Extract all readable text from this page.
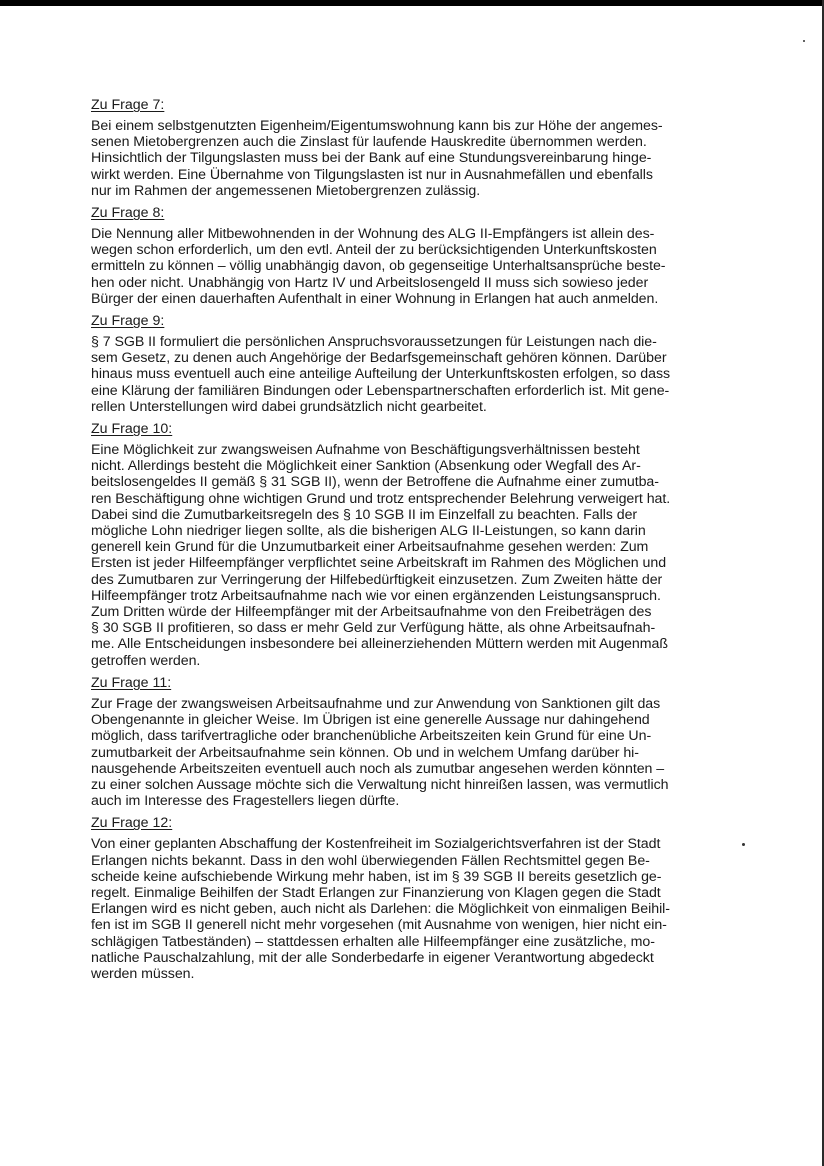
Zu Frage 7:

Bei einem selbstgenutzten Eigenheim/Eigentumswohnung kann bis zur Höhe der angemes-
senen Mietobergrenzen auch die Zinslast für laufende Hauskredite übernommen werden.
Hinsichtlich der Tilgungslasten muss bei der Bank auf eine Stundungsvereinbarung hinge-
wirkt werden. Eine Übernahme von Tilgungslasten ist nur in Ausnahmefällen und ebenfalls
nur im Rahmen der angemessenen Mietobergrenzen zulässig.

Zu Frage 8:

Die Nennung aller Mitbewohnenden in der Wohnung des ALG II-Empfängers ist allein des-
wegen schon erforderlich, um den evtl. Anteil der zu berücksichtigenden Unterkunftskosten
ermitteln zu können – völlig unabhängig davon, ob gegenseitige Unterhaltsansprüche beste-
hen oder nicht. Unabhängig von Hartz IV und Arbeitslosengeld II muss sich sowieso jeder
Bürger der einen dauerhaften Aufenthalt in einer Wohnung in Erlangen hat auch anmelden.

Zu Frage 9:

§ 7 SGB II formuliert die persönlichen Anspruchsvoraussetzungen für Leistungen nach die-
sem Gesetz, zu denen auch Angehörige der Bedarfsgemeinschaft gehören können. Darüber
hinaus muss eventuell auch eine anteilige Aufteilung der Unterkunftskosten erfolgen, so dass
eine Klärung der familiären Bindungen oder Lebenspartnerschaften erforderlich ist. Mit gene-
rellen Unterstellungen wird dabei grundsätzlich nicht gearbeitet.

Zu Frage 10:

Eine Möglichkeit zur zwangsweisen Aufnahme von Beschäftigungsverhältnissen besteht
nicht. Allerdings besteht die Möglichkeit einer Sanktion (Absenkung oder Wegfall des Ar-
beitslosengeldes II gemäß § 31 SGB II), wenn der Betroffene die Aufnahme einer zumutba-
ren Beschäftigung ohne wichtigen Grund und trotz entsprechender Belehrung verweigert hat.
Dabei sind die Zumutbarkeitsregeln des § 10 SGB II im Einzelfall zu beachten. Falls der
mögliche Lohn niedriger liegen sollte, als die bisherigen ALG II-Leistungen, so kann darin
generell kein Grund für die Unzumutbarkeit einer Arbeitsaufnahme gesehen werden: Zum
Ersten ist jeder Hilfeempfänger verpflichtet seine Arbeitskraft im Rahmen des Möglichen und
des Zumutbaren zur Verringerung der Hilfebedürftigkeit einzusetzen. Zum Zweiten hätte der
Hilfeempfänger trotz Arbeitsaufnahme nach wie vor einen ergänzenden Leistungsanspruch.
Zum Dritten würde der Hilfeempfänger mit der Arbeitsaufnahme von den Freibeträgen des
§ 30 SGB II profitieren, so dass er mehr Geld zur Verfügung hätte, als ohne Arbeitsaufnah-
me. Alle Entscheidungen insbesondere bei alleinerziehenden Müttern werden mit Augenmaß
getroffen werden.

Zu Frage 11:

Zur Frage der zwangsweisen Arbeitsaufnahme und zur Anwendung von Sanktionen gilt das
Obengenannte in gleicher Weise. Im Übrigen ist eine generelle Aussage nur dahingehend
möglich, dass tarifvertragliche oder branchenübliche Arbeitszeiten kein Grund für eine Un-
zumutbarkeit der Arbeitsaufnahme sein können. Ob und in welchem Umfang darüber hi-
nausgehende Arbeitszeiten eventuell auch noch als zumutbar angesehen werden könnten –
zu einer solchen Aussage möchte sich die Verwaltung nicht hinreißen lassen, was vermutlich
auch im Interesse des Fragestellers liegen dürfte.

Zu Frage 12:

Von einer geplanten Abschaffung der Kostenfreiheit im Sozialgerichtsverfahren ist der Stadt
Erlangen nichts bekannt. Dass in den wohl überwiegenden Fällen Rechtsmittel gegen Be-
scheide keine aufschiebende Wirkung mehr haben, ist im § 39 SGB II bereits gesetzlich ge-
regelt. Einmalige Beihilfen der Stadt Erlangen zur Finanzierung von Klagen gegen die Stadt
Erlangen wird es nicht geben, auch nicht als Darlehen: die Möglichkeit von einmaligen Beihil-
fen ist im SGB II generell nicht mehr vorgesehen (mit Ausnahme von wenigen, hier nicht ein-
schlägigen Tatbeständen) – stattdessen erhalten alle Hilfeempfänger eine zusätzliche, mo-
natliche Pauschalzahlung, mit der alle Sonderbedarfe in eigener Verantwortung abgedeckt
werden müssen.
